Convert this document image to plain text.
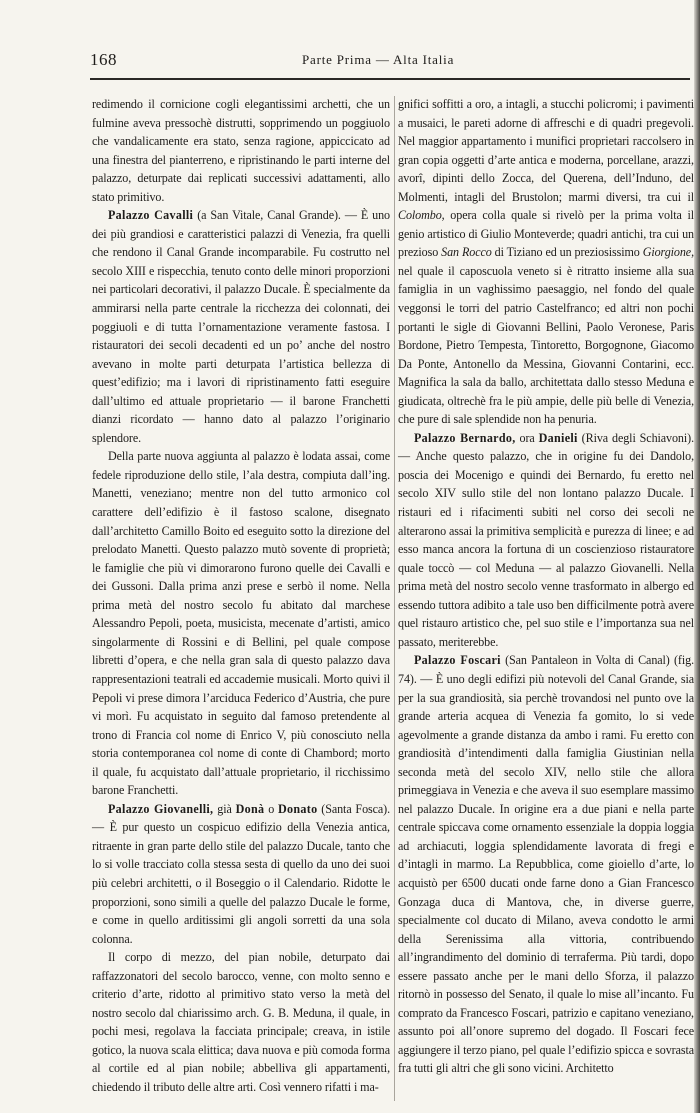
168	Parte Prima — Alta Italia

redimendo il cornicione cogli elegantissimi archetti, che un fulmine aveva pressochè distrutti, sopprimendo un poggiuolo che vandalicamente era stato, senza ragione, appiccicato ad una finestra del pianterreno, e ripristinando le parti interne del palazzo, deturpate dai replicati successivi adattamenti, allo stato primitivo.

Palazzo Cavalli (a San Vitale, Canal Grande). — È uno dei più grandiosi e caratteristici palazzi di Venezia, fra quelli che rendono il Canal Grande incomparabile. Fu costrutto nel secolo XIII e rispecchia, tenuto conto delle minori proporzioni nei particolari decorativi, il palazzo Ducale. È specialmente da ammirarsi nella parte centrale la ricchezza dei colonnati, dei poggiuoli e di tutta l’ornamentazione veramente fastosa. I ristauratori dei secoli decadenti ed un po’ anche del nostro avevano in molte parti deturpata l’artistica bellezza di quest’edifizio; ma i lavori di ripristinamento fatti eseguire dall’ultimo ed attuale proprietario — il barone Franchetti dianzi ricordato — hanno dato al palazzo l’originario splendore.

Della parte nuova aggiunta al palazzo è lodata assai, come fedele riproduzione dello stile, l’ala destra, compiuta dall’ing. Manetti, veneziano; mentre non del tutto armonico col carattere dell’edifizio è il fastoso scalone, disegnato dall’architetto Camillo Boito ed eseguito sotto la direzione del prelodato Manetti. Questo palazzo mutò sovente di proprietà; le famiglie che più vi dimorarono furono quelle dei Cavalli e dei Gussoni. Dalla prima anzi prese e serbò il nome. Nella prima metà del nostro secolo fu abitato dal marchese Alessandro Pepoli, poeta, musicista, mecenate d’artisti, amico singolarmente di Rossini e di Bellini, pel quale compose libretti d’opera, e che nella gran sala di questo palazzo dava rappresentazioni teatrali ed accademie musicali. Morto quivi il Pepoli vi prese dimora l’arciduca Federico d’Austria, che pure vi morì. Fu acquistato in seguito dal famoso pretendente al trono di Francia col nome di Enrico V, più conosciuto nella storia contemporanea col nome di conte di Chambord; morto il quale, fu acquistato dall’attuale proprietario, il ricchissimo barone Franchetti.

Palazzo Giovanelli, già Donà o Donato (Santa Fosca). — È pur questo un cospicuo edifizio della Venezia antica, ritraente in gran parte dello stile del palazzo Ducale, tanto che lo si volle tracciato colla stessa sesta di quello da uno dei suoi più celebri architetti, o il Boseggio o il Calendario. Ridotte le proporzioni, sono simili a quelle del palazzo Ducale le forme, e come in quello arditissimi gli angoli sorretti da una sola colonna.

Il corpo di mezzo, del pian nobile, deturpato dai raffazzonatori del secolo barocco, venne, con molto senno e criterio d’arte, ridotto al primitivo stato verso la metà del nostro secolo dal chiarissimo arch. G. B. Meduna, il quale, in pochi mesi, regolava la facciata principale; creava, in istile gotico, la nuova scala elittica; dava nuova e più comoda forma al cortile ed al pian nobile; abbelliva gli appartamenti, chiedendo il tributo delle altre arti. Così vennero rifatti i ma-

gnifici soffitti a oro, a intagli, a stucchi policromi; i pavimenti a musaici, le pareti adorne di affreschi e di quadri pregevoli. Nel maggior appartamento i munifici proprietari raccolsero in gran copia oggetti d’arte antica e moderna, porcellane, arazzi, avorî, dipinti dello Zocca, del Querena, dell’Induno, del Molmenti, intagli del Brustolon; marmi diversi, tra cui il Colombo, opera colla quale si rivelò per la prima volta il genio artistico di Giulio Monteverde; quadri antichi, tra cui un prezioso San Rocco di Tiziano ed un preziosissimo Giorgione, nel quale il caposcuola veneto si è ritratto insieme alla sua famiglia in un vaghissimo paesaggio, nel fondo del quale veggonsi le torri del patrio Castelfranco; ed altri non pochi portanti le sigle di Giovanni Bellini, Paolo Veronese, Paris Bordone, Pietro Tempesta, Tintoretto, Borgognone, Giacomo Da Ponte, Antonello da Messina, Giovanni Contarini, ecc. Magnifica la sala da ballo, architettata dallo stesso Meduna e giudicata, oltrechè fra le più ampie, delle più belle di Venezia, che pure di sale splendide non ha penuria.

Palazzo Bernardo, ora Danieli (Riva degli Schiavoni). — Anche questo palazzo, che in origine fu dei Dandolo, poscia dei Mocenigo e quindi dei Bernardo, fu eretto nel secolo XIV sullo stile del non lontano palazzo Ducale. I ristauri ed i rifacimenti subiti nel corso dei secoli ne alterarono assai la primitiva semplicità e purezza di linee; e ad esso manca ancora la fortuna di un coscienzioso ristauratore quale toccò — col Meduna — al palazzo Giovanelli. Nella prima metà del nostro secolo venne trasformato in albergo ed essendo tuttora adibito a tale uso ben difficilmente potrà avere quel ristauro artistico che, pel suo stile e l’importanza sua nel passato, meriterebbe.

Palazzo Foscari (San Pantaleon in Volta di Canal) (fig. 74). — È uno degli edifizi più notevoli del Canal Grande, sia per la sua grandiosità, sia perchè trovandosi nel punto ove la grande arteria acquea di Venezia fa gomito, lo si vede agevolmente a grande distanza da ambo i rami. Fu eretto con grandiosità d’intendimenti dalla famiglia Giustinian nella seconda metà del secolo XIV, nello stile che allora primeggiava in Venezia e che aveva il suo esemplare massimo nel palazzo Ducale. In origine era a due piani e nella parte centrale spiccava come ornamento essenziale la doppia loggia ad archiacuti, loggia splendidamente lavorata di fregi e d’intagli in marmo. La Repubblica, come gioiello d’arte, lo acquistò per 6500 ducati onde farne dono a Gian Francesco Gonzaga duca di Mantova, che, in diverse guerre, specialmente col ducato di Milano, aveva condotto le armi della Serenissima alla vittoria, contribuendo all’ingrandimento del dominio di terraferma. Più tardi, dopo essere passato anche per le mani dello Sforza, il palazzo ritornò in possesso del Senato, il quale lo mise all’incanto. Fu comprato da Francesco Foscari, patrizio e capitano veneziano, assunto poi all’onore supremo del dogado. Il Foscari fece aggiungere il terzo piano, pel quale l’edifizio spicca e sovrasta fra tutti gli altri che gli sono vicini. Architetto
